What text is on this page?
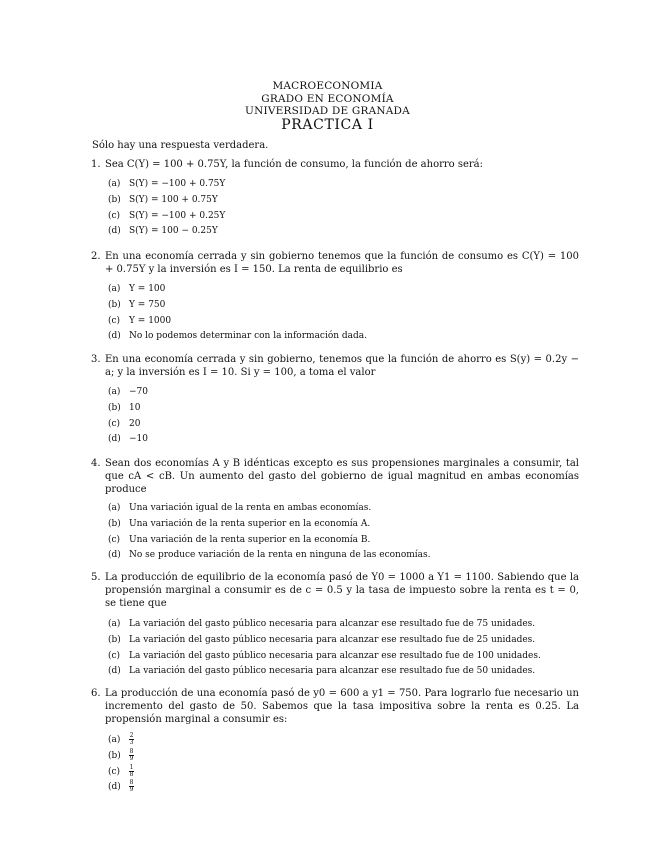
MACROECONOMIA
GRADO EN ECONOMÍA
UNIVERSIDAD DE GRANADA
PRACTICA I
Sólo hay una respuesta verdadera.
1. Sea C(Y) = 100 + 0.75Y, la función de consumo, la función de ahorro será:
(a) S(Y) = −100 + 0.75Y
(b) S(Y) = 100 + 0.75Y
(c) S(Y) = −100 + 0.25Y
(d) S(Y) = 100 − 0.25Y
2. En una economía cerrada y sin gobierno tenemos que la función de consumo es C(Y) = 100 + 0.75Y y la inversión es I = 150. La renta de equilibrio es
(a) Y = 100
(b) Y = 750
(c) Y = 1000
(d) No lo podemos determinar con la información dada.
3. En una economía cerrada y sin gobierno, tenemos que la función de ahorro es S(y) = 0.2y − a; y la inversión es I = 10. Si y = 100, a toma el valor
(a) −70
(b) 10
(c) 20
(d) −10
4. Sean dos economías A y B idénticas excepto es sus propensiones marginales a consumir, tal que cA < cB. Un aumento del gasto del gobierno de igual magnitud en ambas economías produce
(a) Una variación igual de la renta en ambas economías.
(b) Una variación de la renta superior en la economía A.
(c) Una variación de la renta superior en la economía B.
(d) No se produce variación de la renta en ninguna de las economías.
5. La producción de equilibrio de la economía pasó de Y0 = 1000 a Y1 = 1100. Sabiendo que la propensión marginal a consumir es de c = 0.5 y la tasa de impuesto sobre la renta es t = 0, se tiene que
(a) La variación del gasto público necesaria para alcanzar ese resultado fue de 75 unidades.
(b) La variación del gasto público necesaria para alcanzar ese resultado fue de 25 unidades.
(c) La variación del gasto público necesaria para alcanzar ese resultado fue de 100 unidades.
(d) La variación del gasto público necesaria para alcanzar ese resultado fue de 50 unidades.
6. La producción de una economía pasó de y0 = 600 a y1 = 750. Para lograrlo fue necesario un incremento del gasto de 50. Sabemos que la tasa impositiva sobre la renta es 0.25. La propensión marginal a consumir es:
$(a) \frac{2}{3}$
$(b) \frac{8}{9}$
$(c) \frac{1}{8}$
$(d) \frac{8}{9}$
